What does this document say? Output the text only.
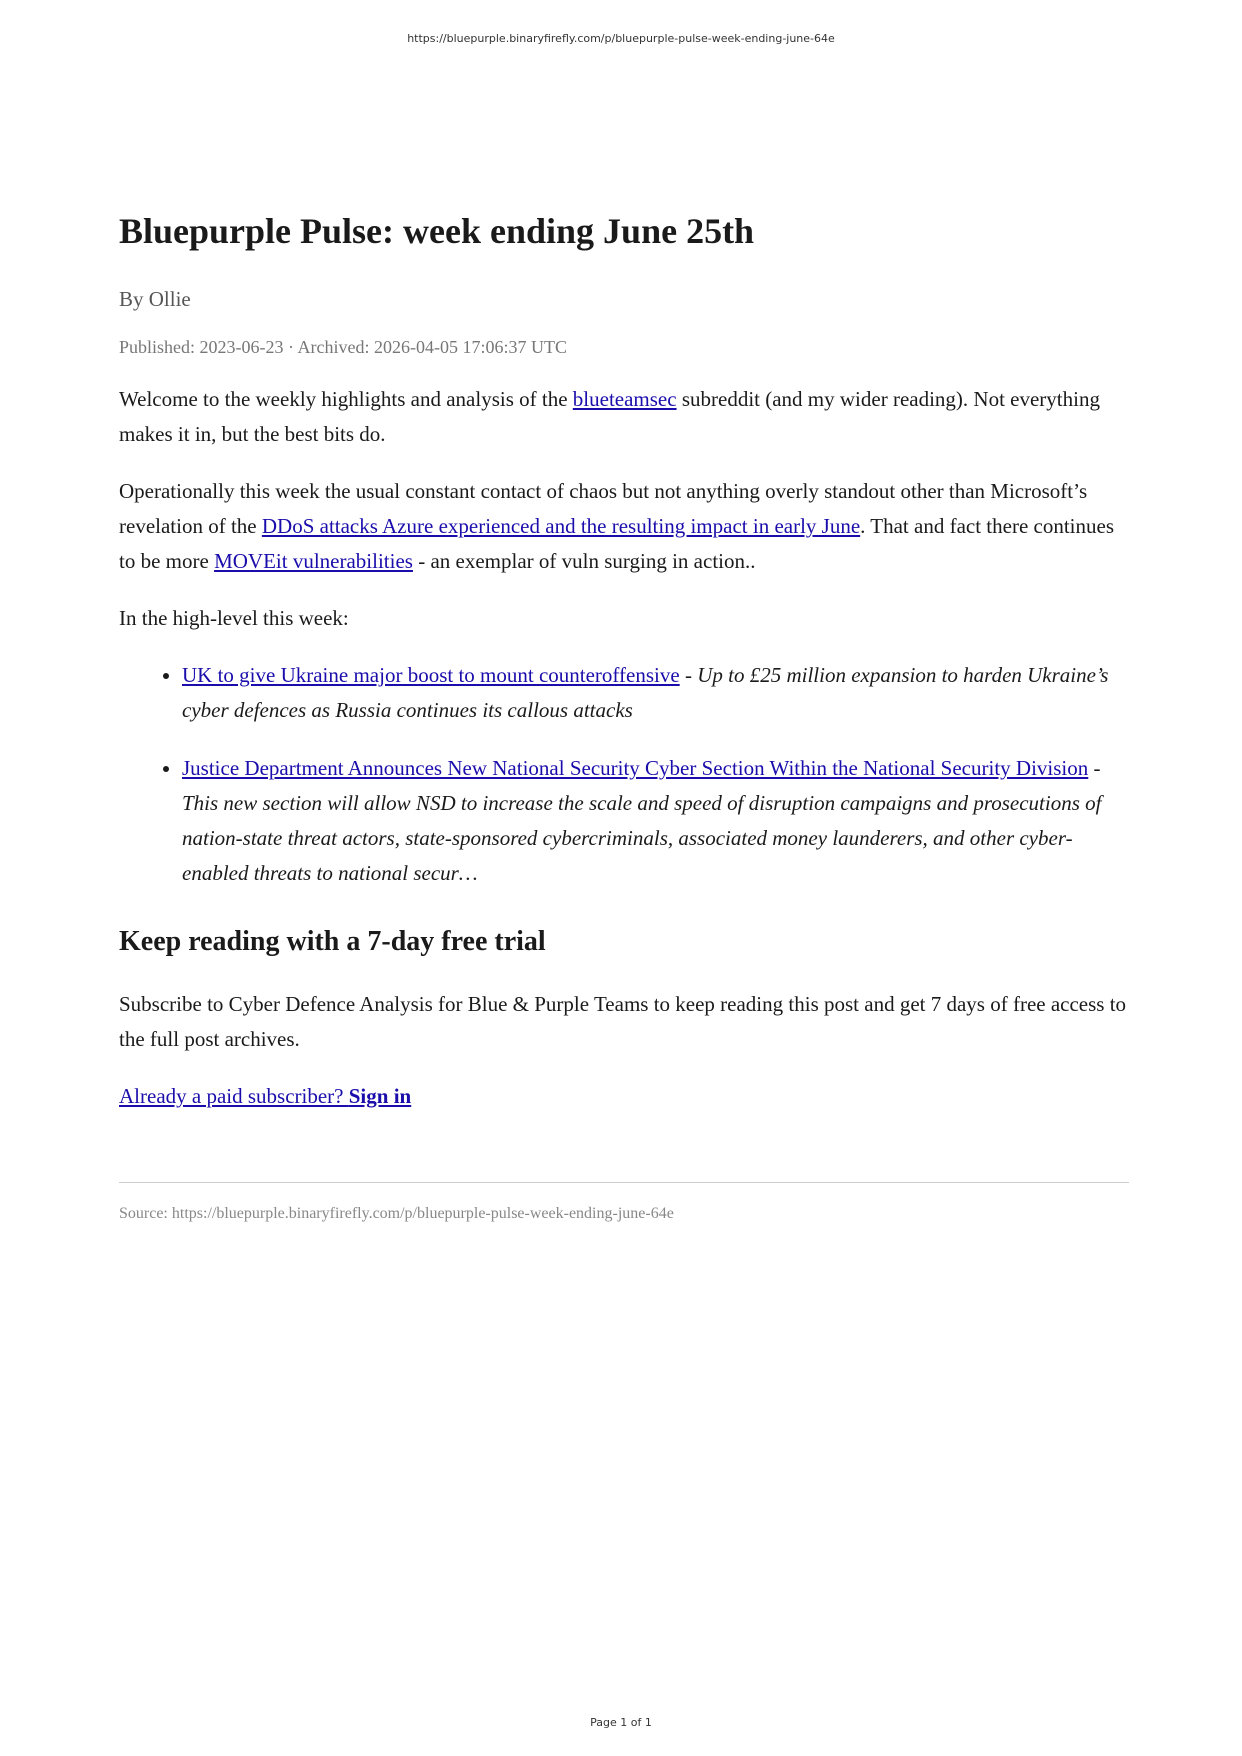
https://bluepurple.binaryfirefly.com/p/bluepurple-pulse-week-ending-june-64e
Bluepurple Pulse: week ending June 25th
By Ollie
Published: 2023-06-23 · Archived: 2026-04-05 17:06:37 UTC

Welcome to the weekly highlights and analysis of the blueteamsec subreddit (and my wider reading). Not everything makes it in, but the best bits do.

Operationally this week the usual constant contact of chaos but not anything overly standout other than Microsoft’s revelation of the DDoS attacks Azure experienced and the resulting impact in early June. That and fact there continues to be more MOVEit vulnerabilities - an exemplar of vuln surging in action..

In the high-level this week:

• UK to give Ukraine major boost to mount counteroffensive - Up to £25 million expansion to harden Ukraine’s cyber defences as Russia continues its callous attacks
• Justice Department Announces New National Security Cyber Section Within the National Security Division - This new section will allow NSD to increase the scale and speed of disruption campaigns and prosecutions of nation-state threat actors, state-sponsored cybercriminals, associated money launderers, and other cyber-enabled threats to national secur…
Keep reading with a 7-day free trial

Subscribe to Cyber Defence Analysis for Blue & Purple Teams to keep reading this post and get 7 days of free access to the full post archives.

Already a paid subscriber? Sign in
Source: https://bluepurple.binaryfirefly.com/p/bluepurple-pulse-week-ending-june-64e
Page 1 of 1
